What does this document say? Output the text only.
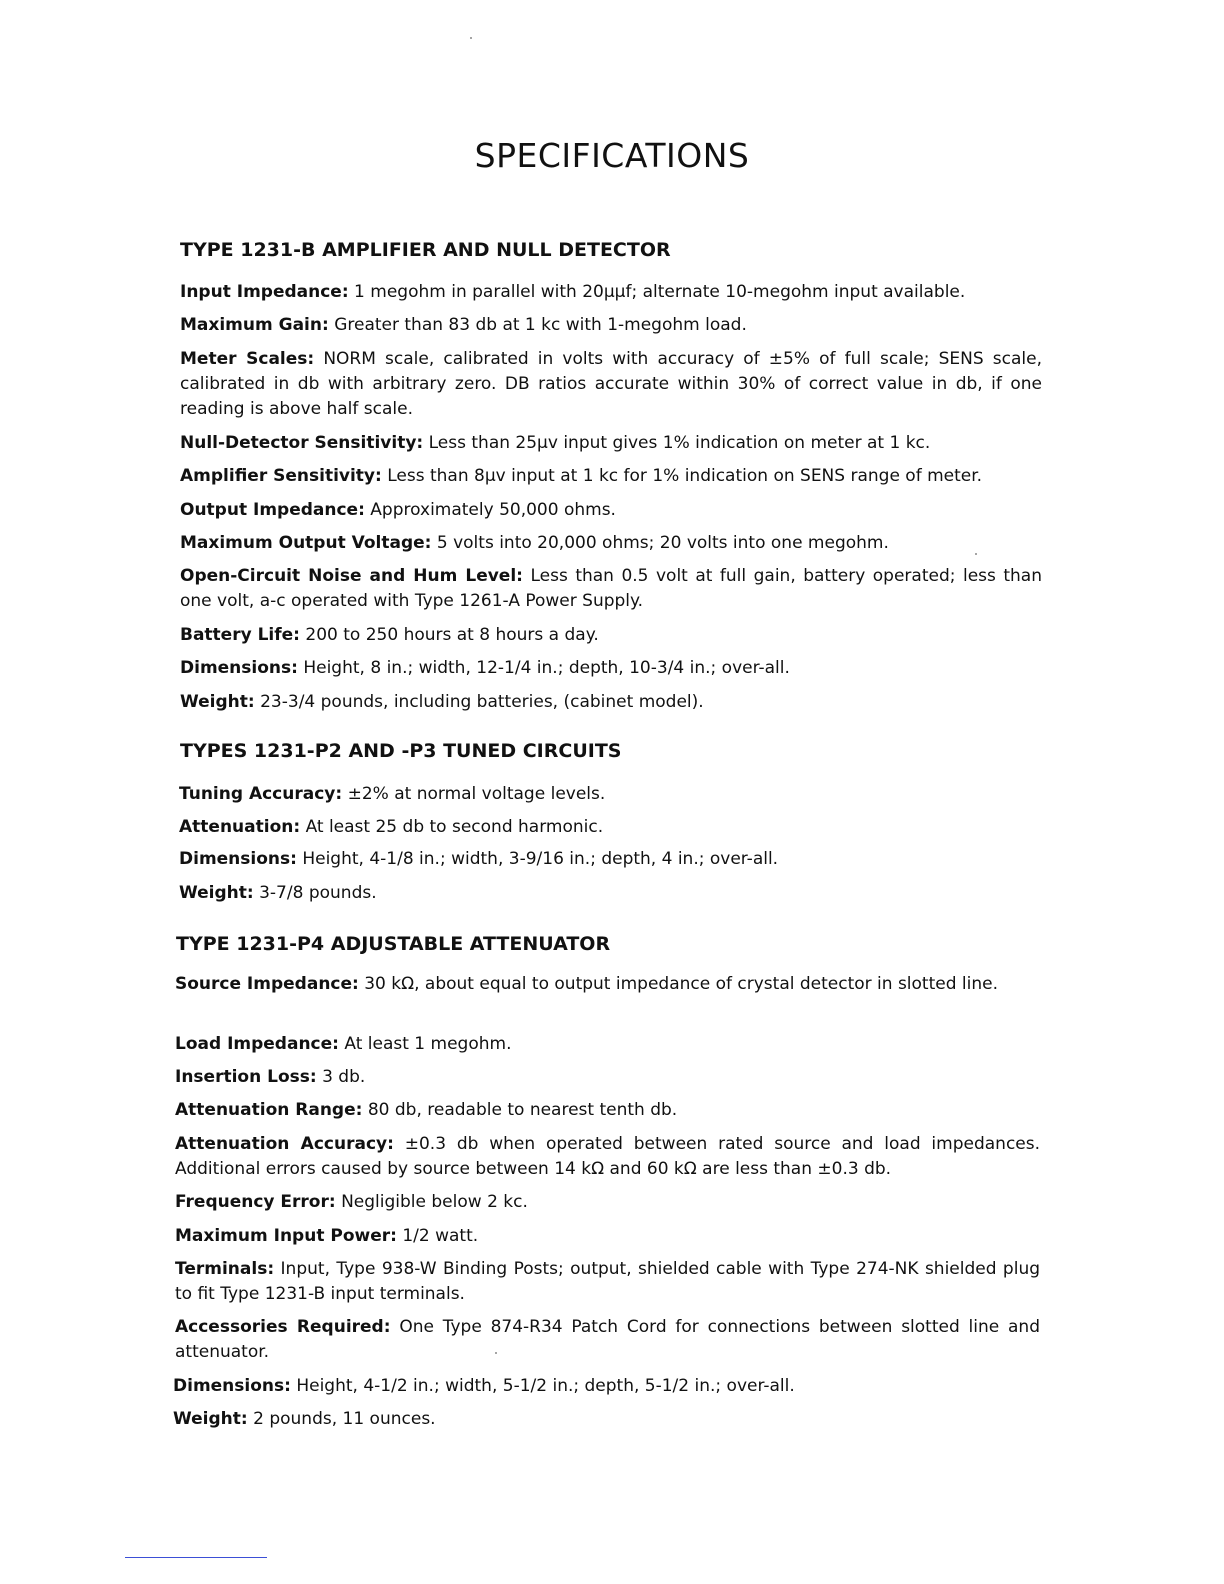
SPECIFICATIONS
TYPE 1231-B AMPLIFIER AND NULL DETECTOR

Input Impedance: 1 megohm in parallel with 20μμf; alternate 10-megohm input available.

Maximum Gain: Greater than 83 db at 1 kc with 1-megohm load.

Meter Scales: NORM scale, calibrated in volts with accuracy of ±5% of full scale; SENS scale, calibrated in db with arbitrary zero. DB ratios accurate within 30% of correct value in db, if one reading is above half scale.

Null-Detector Sensitivity: Less than 25μv input gives 1% indication on meter at 1 kc.

Amplifier Sensitivity: Less than 8μv input at 1 kc for 1% indication on SENS range of meter.

Output Impedance: Approximately 50,000 ohms.

Maximum Output Voltage: 5 volts into 20,000 ohms; 20 volts into one megohm.

Open-Circuit Noise and Hum Level: Less than 0.5 volt at full gain, battery operated; less than one volt, a-c operated with Type 1261-A Power Supply.

Battery Life: 200 to 250 hours at 8 hours a day.

Dimensions: Height, 8 in.; width, 12-1/4 in.; depth, 10-3/4 in.; over-all.

Weight: 23-3/4 pounds, including batteries, (cabinet model).

TYPES 1231-P2 AND -P3 TUNED CIRCUITS

Tuning Accuracy: ±2% at normal voltage levels.

Attenuation: At least 25 db to second harmonic.

Dimensions: Height, 4-1/8 in.; width, 3-9/16 in.; depth, 4 in.; over-all.

Weight: 3-7/8 pounds.

TYPE 1231-P4 ADJUSTABLE ATTENUATOR

Source Impedance: 30 kΩ, about equal to output impedance of crystal detector in slotted line.

Load Impedance: At least 1 megohm.

Insertion Loss: 3 db.

Attenuation Range: 80 db, readable to nearest tenth db.

Attenuation Accuracy: ±0.3 db when operated between rated source and load impedances. Additional errors caused by source between 14 kΩ and 60 kΩ are less than ±0.3 db.

Frequency Error: Negligible below 2 kc.

Maximum Input Power: 1/2 watt.

Terminals: Input, Type 938-W Binding Posts; output, shielded cable with Type 274-NK shielded plug to fit Type 1231-B input terminals.

Accessories Required: One Type 874-R34 Patch Cord for connections between slotted line and attenuator.

Dimensions: Height, 4-1/2 in.; width, 5-1/2 in.; depth, 5-1/2 in.; over-all.

Weight: 2 pounds, 11 ounces.
